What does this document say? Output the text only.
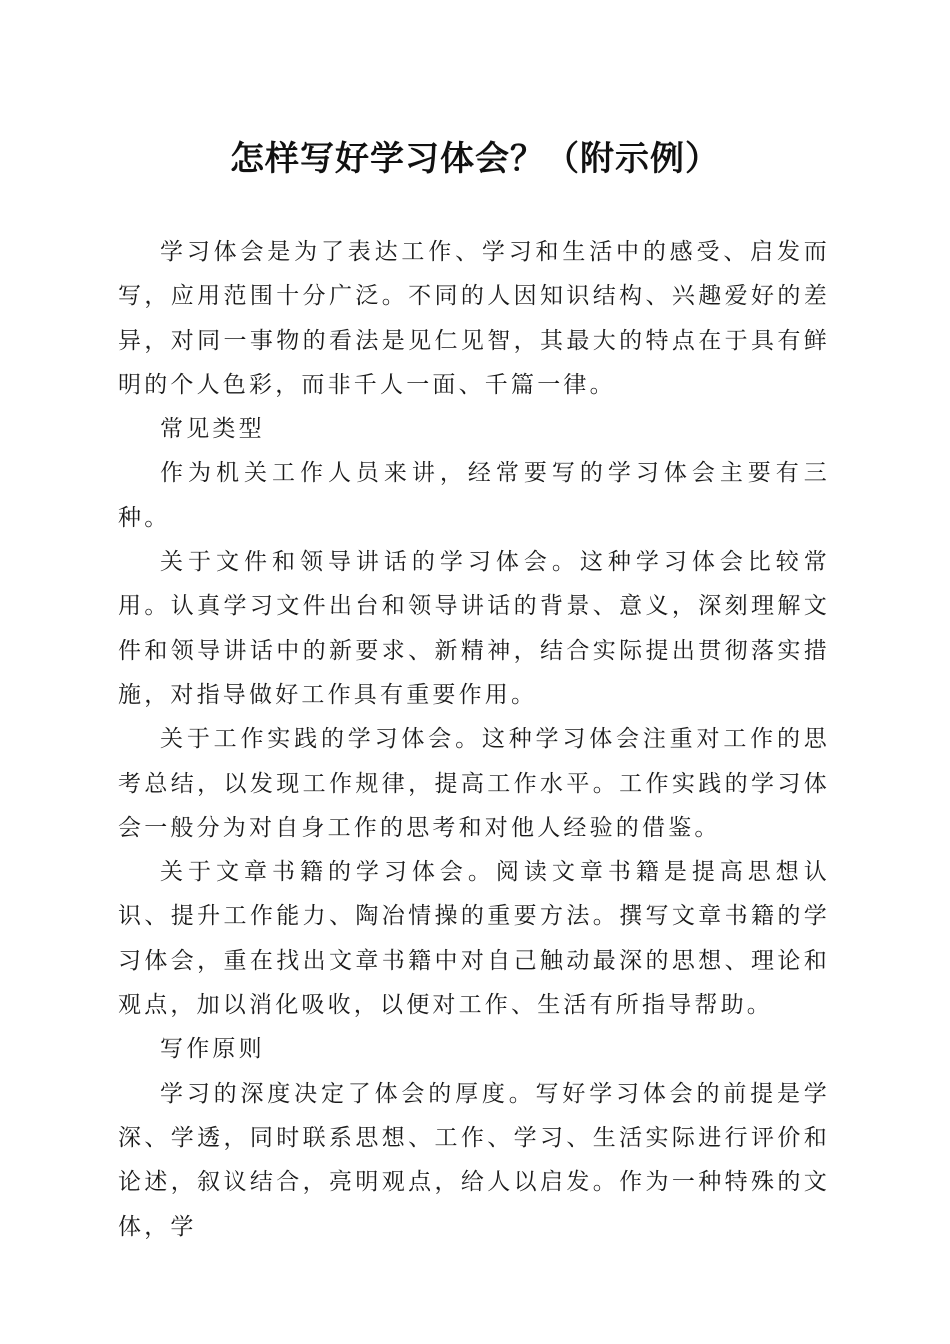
怎样写好学习体会？（附示例）

学习体会是为了表达工作、学习和生活中的感受、启发而写，应用范围十分广泛。不同的人因知识结构、兴趣爱好的差异，对同一事物的看法是见仁见智，其最大的特点在于具有鲜明的个人色彩，而非千人一面、千篇一律。

常见类型

作为机关工作人员来讲，经常要写的学习体会主要有三种。

关于文件和领导讲话的学习体会。这种学习体会比较常用。认真学习文件出台和领导讲话的背景、意义，深刻理解文件和领导讲话中的新要求、新精神，结合实际提出贯彻落实措施，对指导做好工作具有重要作用。

关于工作实践的学习体会。这种学习体会注重对工作的思考总结，以发现工作规律，提高工作水平。工作实践的学习体会一般分为对自身工作的思考和对他人经验的借鉴。

关于文章书籍的学习体会。阅读文章书籍是提高思想认识、提升工作能力、陶冶情操的重要方法。撰写文章书籍的学习体会，重在找出文章书籍中对自己触动最深的思想、理论和观点，加以消化吸收，以便对工作、生活有所指导帮助。

写作原则

学习的深度决定了体会的厚度。写好学习体会的前提是学深、学透，同时联系思想、工作、学习、生活实际进行评价和论述，叙议结合，亮明观点，给人以启发。作为一种特殊的文体，学
